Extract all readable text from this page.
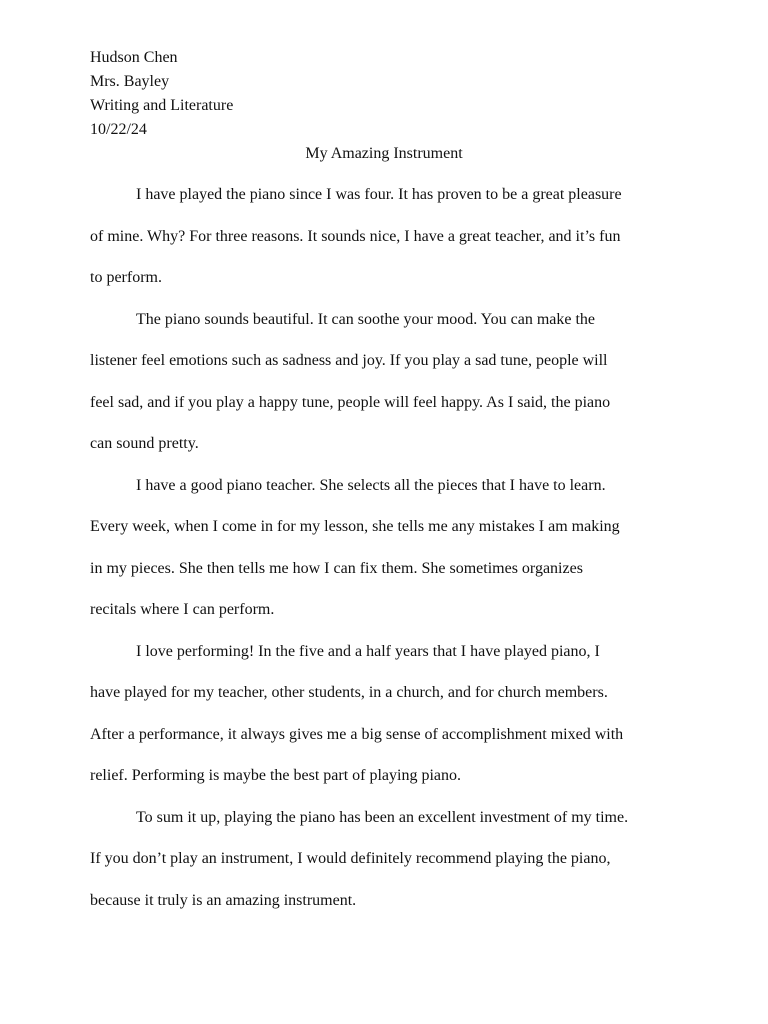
Hudson Chen
Mrs. Bayley
Writing and Literature
10/22/24
My Amazing Instrument

I have played the piano since I was four. It has proven to be a great pleasure
of mine. Why? For three reasons. It sounds nice, I have a great teacher, and it’s fun
to perform.

The piano sounds beautiful. It can soothe your mood. You can make the
listener feel emotions such as sadness and joy. If you play a sad tune, people will
feel sad, and if you play a happy tune, people will feel happy. As I said, the piano
can sound pretty.

I have a good piano teacher. She selects all the pieces that I have to learn.
Every week, when I come in for my lesson, she tells me any mistakes I am making
in my pieces. She then tells me how I can fix them. She sometimes organizes
recitals where I can perform.

I love performing! In the five and a half years that I have played piano, I
have played for my teacher, other students, in a church, and for church members.
After a performance, it always gives me a big sense of accomplishment mixed with
relief. Performing is maybe the best part of playing piano.

To sum it up, playing the piano has been an excellent investment of my time.
If you don’t play an instrument, I would definitely recommend playing the piano,
because it truly is an amazing instrument.
